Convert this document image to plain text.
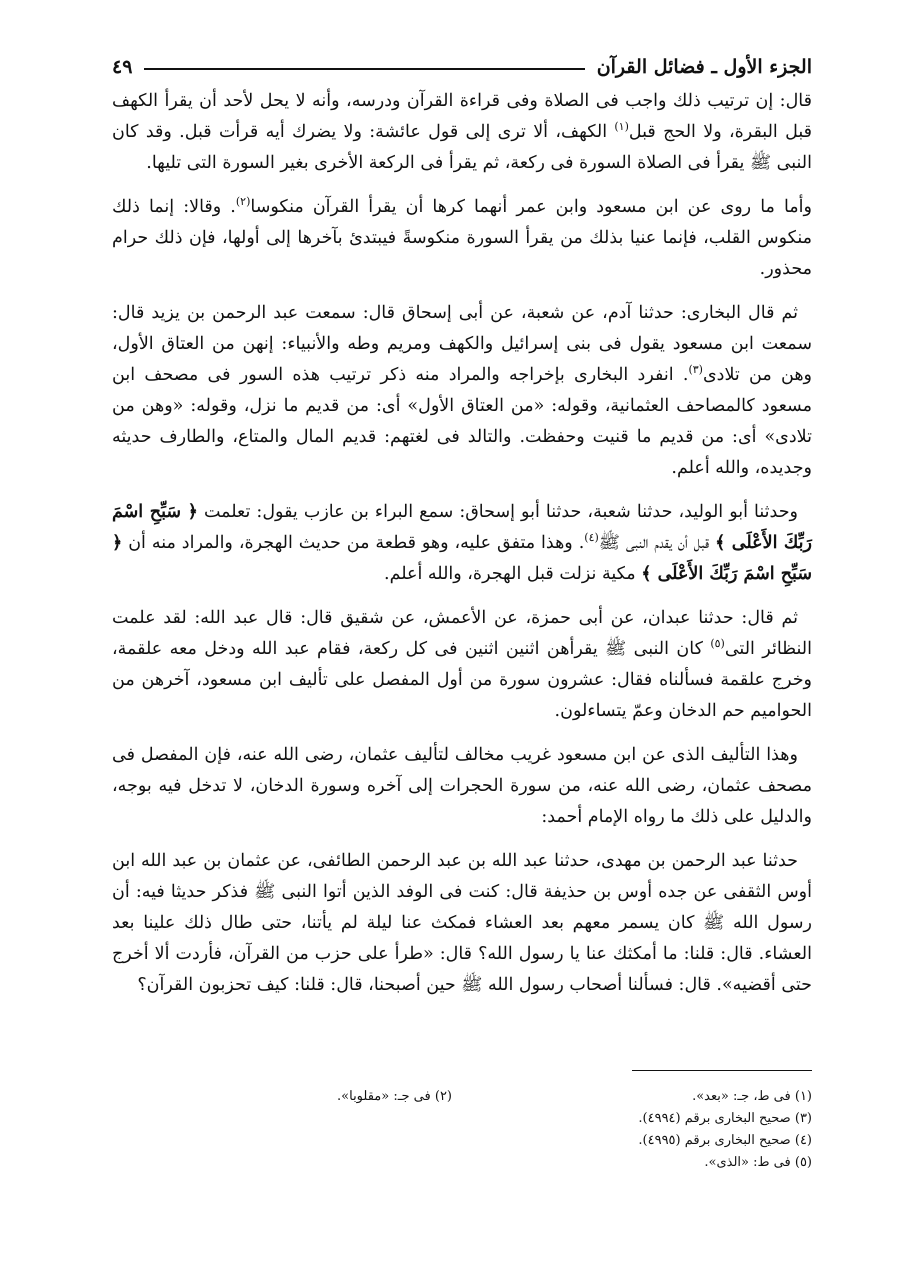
الجزء الأول ـ فضائل القرآن
٤٩

قال: إن ترتيب ذلك واجب فى الصلاة وفى قراءة القرآن ودرسه، وأنه لا يحل لأحد أن يقرأ الكهف قبل البقرة، ولا الحج قبل$^{(١)}$ الكهف، ألا ترى إلى قول عائشة: ولا يضرك أيه قرأت قبل. وقد كان النبى ﷺ يقرأ فى الصلاة السورة فى ركعة، ثم يقرأ فى الركعة الأخرى بغير السورة التى تليها.

وأما ما روى عن ابن مسعود وابن عمر أنهما كرها أن يقرأ القرآن منكوسا$^{(٢)}$. وقالا: إنما ذلك منكوس القلب، فإنما عنيا بذلك من يقرأ السورة منكوسةً فيبتدئ بآخرها إلى أولها، فإن ذلك حرام محذور.

ثم قال البخارى: حدثنا آدم، عن شعبة، عن أبى إسحاق قال: سمعت عبد الرحمن بن يزيد قال: سمعت ابن مسعود يقول فى بنى إسرائيل والكهف ومريم وطه والأنبياء: إنهن من العتاق الأول، وهن من تلادى$^{(٣)}$. انفرد البخارى بإخراجه والمراد منه ذكر ترتيب هذه السور فى مصحف ابن مسعود كالمصاحف العثمانية، وقوله: «من العتاق الأول» أى: من قديم ما نزل، وقوله: «وهن من تلادى» أى: من قديم ما قنيت وحفظت. والتالد فى لغتهم: قديم المال والمتاع، والطارف حديثه وجديده، والله أعلم.

وحدثنا أبو الوليد، حدثنا شعبة، حدثنا أبو إسحاق: سمع البراء بن عازب يقول: تعلمت ﴿ سَبِّحِ اسْمَ رَبِّكَ الأَعْلَى ﴾ قبل أن يقدم النبى ﷺ$^{(٤)}$. وهذا متفق عليه، وهو قطعة من حديث الهجرة، والمراد منه أن ﴿ سَبِّحِ اسْمَ رَبِّكَ الأَعْلَى ﴾ مكية نزلت قبل الهجرة، والله أعلم.

ثم قال: حدثنا عبدان، عن أبى حمزة، عن الأعمش، عن شقيق قال: قال عبد الله: لقد علمت النظائر التى$^{(٥)}$ كان النبى ﷺ يقرأهن اثنين اثنين فى كل ركعة، فقام عبد الله ودخل معه علقمة، وخرج علقمة فسألناه فقال: عشرون سورة من أول المفصل على تأليف ابن مسعود، آخرهن من الحواميم حم الدخان وعمّ يتساءلون.

وهذا التأليف الذى عن ابن مسعود غريب مخالف لتأليف عثمان، رضى الله عنه، فإن المفصل فى مصحف عثمان، رضى الله عنه، من سورة الحجرات إلى آخره وسورة الدخان، لا تدخل فيه بوجه، والدليل على ذلك ما رواه الإمام أحمد:

حدثنا عبد الرحمن بن مهدى، حدثنا عبد الله بن عبد الرحمن الطائفى، عن عثمان بن عبد الله ابن أوس الثقفى عن جده أوس بن حذيفة قال: كنت فى الوفد الذين أتوا النبى ﷺ فذكر حديثا فيه: أن رسول الله ﷺ كان يسمر معهم بعد العشاء فمكث عنا ليلة لم يأتنا، حتى طال ذلك علينا بعد العشاء. قال: قلنا: ما أمكثك عنا يا رسول الله؟ قال: «طرأ على حزب من القرآن، فأردت ألا أخرج حتى أقضيه». قال: فسألنا أصحاب رسول الله ﷺ حين أصبحنا، قال: قلنا: كيف تحزبون القرآن؟

(١) فى ط، جـ: «بعد».
(٢) فى جـ: «مقلوبا».
(٣) صحيح البخارى برقم (٤٩٩٤).
(٤) صحيح البخارى برقم (٤٩٩٥).
(٥) فى ط: «الذى».
